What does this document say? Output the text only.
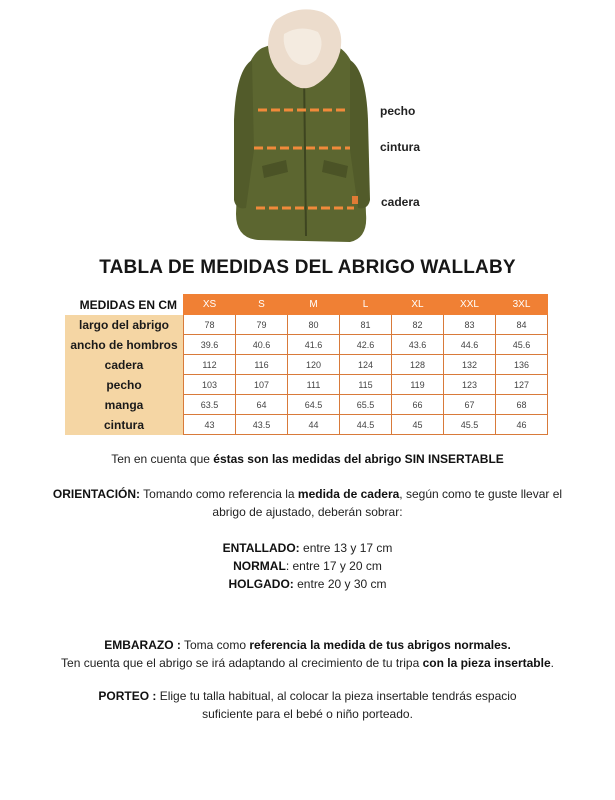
pecho
cintura
cadera
TABLA DE MEDIDAS DEL ABRIGO WALLABY
MEDIDAS EN CM	XS	S	M	L	XL	XXL	3XL
largo del abrigo	78	79	80	81	82	83	84
ancho de hombros	39.6	40.6	41.6	42.6	43.6	44.6	45.6
cadera	112	116	120	124	128	132	136
pecho	103	107	111	115	119	123	127
manga	63.5	64	64.5	65.5	66	67	68
cintura	43	43.5	44	44.5	45	45.5	46

Ten en cuenta que éstas son las medidas del abrigo SIN INSERTABLE

ORIENTACIÓN: Tomando como referencia la medida de cadera, según como te guste llevar el

abrigo de ajustado, deberán sobrar:

ENTALLADO: entre 13 y 17 cm

NORMAL: entre 17 y 20 cm

HOLGADO: entre 20 y 30 cm

EMBARAZO : Toma como referencia la medida de tus abrigos normales.

Ten cuenta que el abrigo se irá adaptando al crecimiento de tu tripa con la pieza insertable.

PORTEO : Elige tu talla habitual, al colocar la pieza insertable tendrás espacio

suficiente para el bebé o niño porteado.
